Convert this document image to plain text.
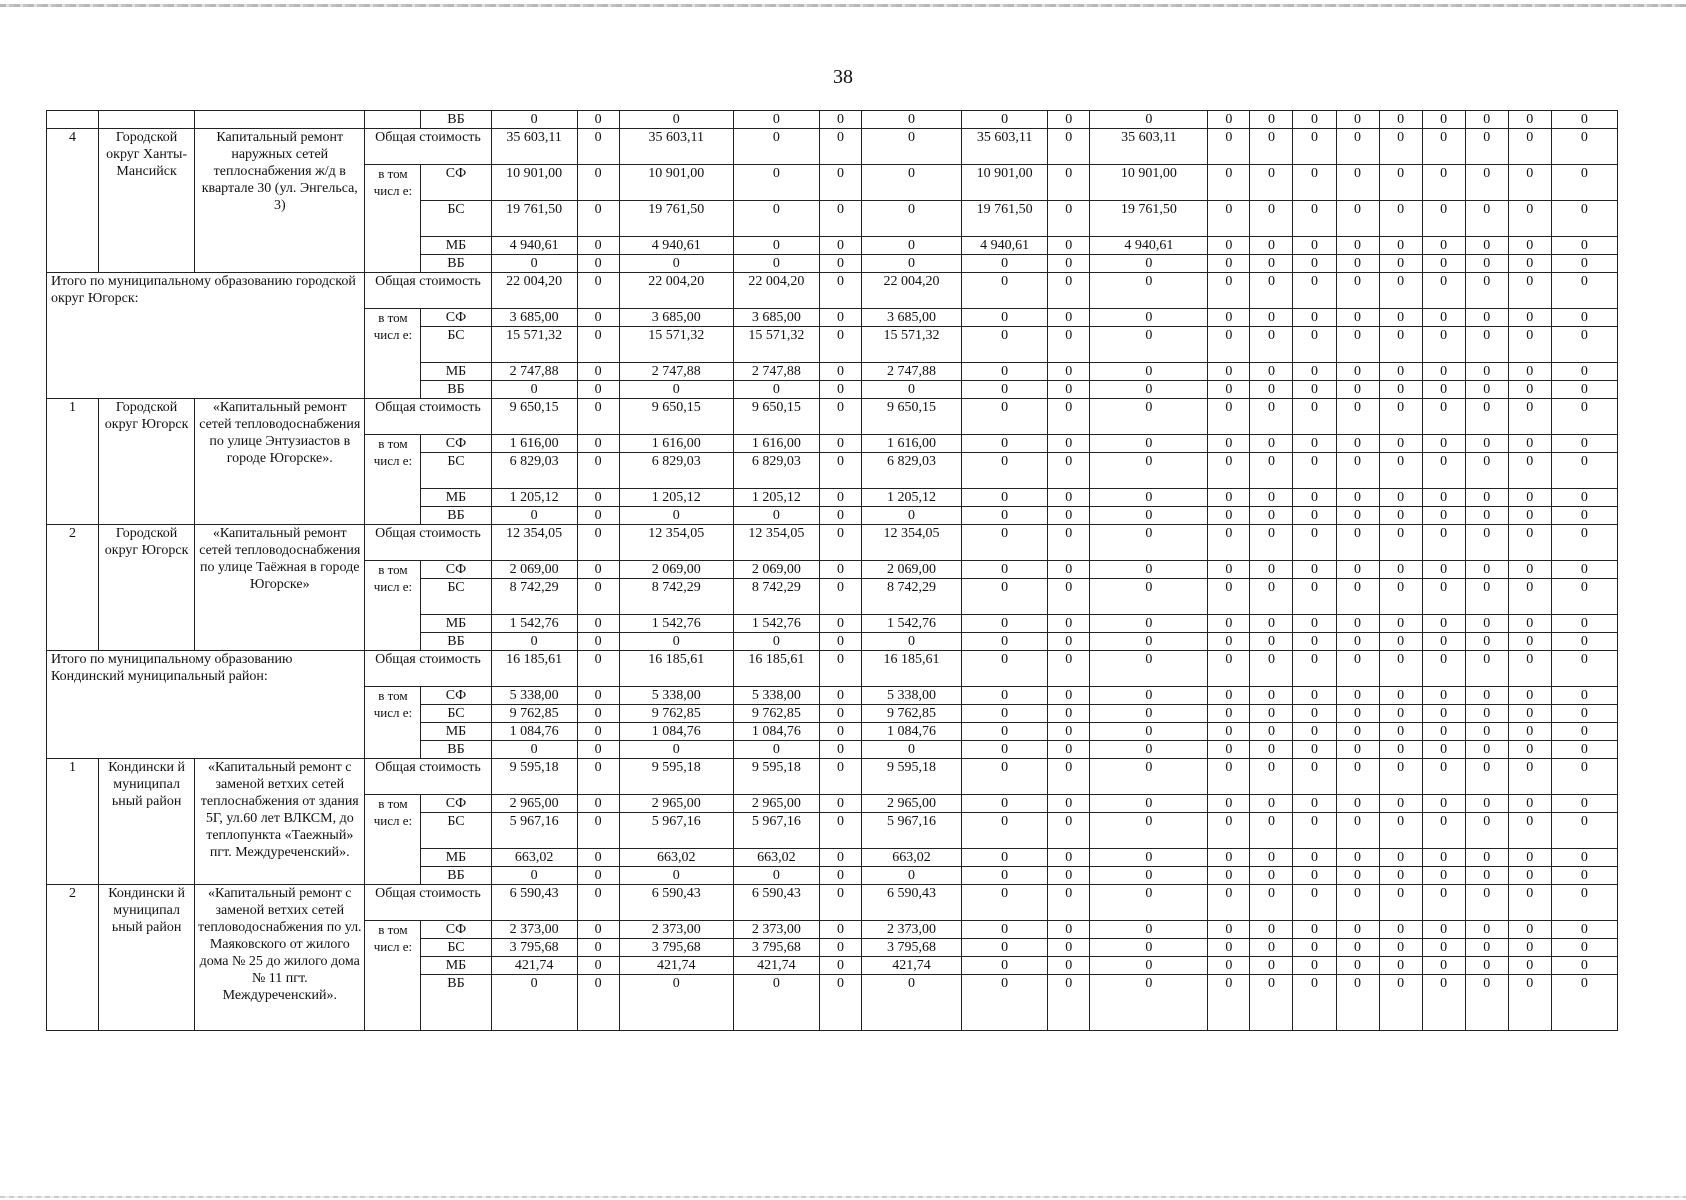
38
				ВБ	0	0	0	0	0	0	0	0	0	0	0	0	0	0	0	0	0	0
4	Городской округ Ханты-Мансийск	Капитальный ремонт наружных сетей теплоснабжения ж/д в квартале 30 (ул. Энгельса, 3)	Общая стоимость		35 603,11	0	35 603,11	0	0	0	35 603,11	0	35 603,11	0	0	0	0	0	0	0	0	0
			в том числ е:	СФ	10 901,00	0	10 901,00	0	0	0	10 901,00	0	10 901,00	0	0	0	0	0	0	0	0	0
				БС	19 761,50	0	19 761,50	0	0	0	19 761,50	0	19 761,50	0	0	0	0	0	0	0	0	0
				МБ	4 940,61	0	4 940,61	0	0	0	4 940,61	0	4 940,61	0	0	0	0	0	0	0	0	0
				ВБ	0	0	0	0	0	0	0	0	0	0	0	0	0	0	0	0	0	0
Итого по муниципальному образованию городской округ Югорск:			Общая стоимость		22 004,20	0	22 004,20	22 004,20	0	22 004,20	0	0	0	0	0	0	0	0	0	0	0	0
			в том числ е:	СФ	3 685,00	0	3 685,00	3 685,00	0	3 685,00	0	0	0	0	0	0	0	0	0	0	0	0
				БС	15 571,32	0	15 571,32	15 571,32	0	15 571,32	0	0	0	0	0	0	0	0	0	0	0	0
				МБ	2 747,88	0	2 747,88	2 747,88	0	2 747,88	0	0	0	0	0	0	0	0	0	0	0	0
				ВБ	0	0	0	0	0	0	0	0	0	0	0	0	0	0	0	0	0	0
1	Городской округ Югорск	«Капитальный ремонт сетей тепловодоснабжения по улице Энтузиастов в городе Югорске».	Общая стоимость		9 650,15	0	9 650,15	9 650,15	0	9 650,15	0	0	0	0	0	0	0	0	0	0	0	0
			в том числ е:	СФ	1 616,00	0	1 616,00	1 616,00	0	1 616,00	0	0	0	0	0	0	0	0	0	0	0	0
				БС	6 829,03	0	6 829,03	6 829,03	0	6 829,03	0	0	0	0	0	0	0	0	0	0	0	0
				МБ	1 205,12	0	1 205,12	1 205,12	0	1 205,12	0	0	0	0	0	0	0	0	0	0	0	0
				ВБ	0	0	0	0	0	0	0	0	0	0	0	0	0	0	0	0	0	0
2	Городской округ Югорск	«Капитальный ремонт сетей тепловодоснабжения по улице Таёжная в городе Югорске»	Общая стоимость		12 354,05	0	12 354,05	12 354,05	0	12 354,05	0	0	0	0	0	0	0	0	0	0	0	0
			в том числ е:	СФ	2 069,00	0	2 069,00	2 069,00	0	2 069,00	0	0	0	0	0	0	0	0	0	0	0	0
				БС	8 742,29	0	8 742,29	8 742,29	0	8 742,29	0	0	0	0	0	0	0	0	0	0	0	0
				МБ	1 542,76	0	1 542,76	1 542,76	0	1 542,76	0	0	0	0	0	0	0	0	0	0	0	0
				ВБ	0	0	0	0	0	0	0	0	0	0	0	0	0	0	0	0	0	0
Итого по муниципальному образованию Кондинский муниципальный район:			Общая стоимость		16 185,61	0	16 185,61	16 185,61	0	16 185,61	0	0	0	0	0	0	0	0	0	0	0	0
			в том числ е:	СФ	5 338,00	0	5 338,00	5 338,00	0	5 338,00	0	0	0	0	0	0	0	0	0	0	0	0
				БС	9 762,85	0	9 762,85	9 762,85	0	9 762,85	0	0	0	0	0	0	0	0	0	0	0	0
				МБ	1 084,76	0	1 084,76	1 084,76	0	1 084,76	0	0	0	0	0	0	0	0	0	0	0	0
				ВБ	0	0	0	0	0	0	0	0	0	0	0	0	0	0	0	0	0	0
1	Кондински й муниципал ьный район	«Капитальный ремонт с заменой ветхих сетей теплоснабжения от здания 5Г, ул.60 лет ВЛКСМ, до теплопункта «Таежный» пгт. Междуреченский».	Общая стоимость		9 595,18	0	9 595,18	9 595,18	0	9 595,18	0	0	0	0	0	0	0	0	0	0	0	0
			в том числ е:	СФ	2 965,00	0	2 965,00	2 965,00	0	2 965,00	0	0	0	0	0	0	0	0	0	0	0	0
				БС	5 967,16	0	5 967,16	5 967,16	0	5 967,16	0	0	0	0	0	0	0	0	0	0	0	0
				МБ	663,02	0	663,02	663,02	0	663,02	0	0	0	0	0	0	0	0	0	0	0	0
				ВБ	0	0	0	0	0	0	0	0	0	0	0	0	0	0	0	0	0	0
2	Кондински й муниципал ьный район	«Капитальный ремонт с заменой ветхих сетей тепловодоснабжения по ул. Маяковского от жилого дома № 25 до жилого дома № 11 пгт. Междуреченский».	Общая стоимость		6 590,43	0	6 590,43	6 590,43	0	6 590,43	0	0	0	0	0	0	0	0	0	0	0	0
			в том числ е:	СФ	2 373,00	0	2 373,00	2 373,00	0	2 373,00	0	0	0	0	0	0	0	0	0	0	0	0
				БС	3 795,68	0	3 795,68	3 795,68	0	3 795,68	0	0	0	0	0	0	0	0	0	0	0	0
				МБ	421,74	0	421,74	421,74	0	421,74	0	0	0	0	0	0	0	0	0	0	0	0
				ВБ	0	0	0	0	0	0	0	0	0	0	0	0	0	0	0	0	0	0
